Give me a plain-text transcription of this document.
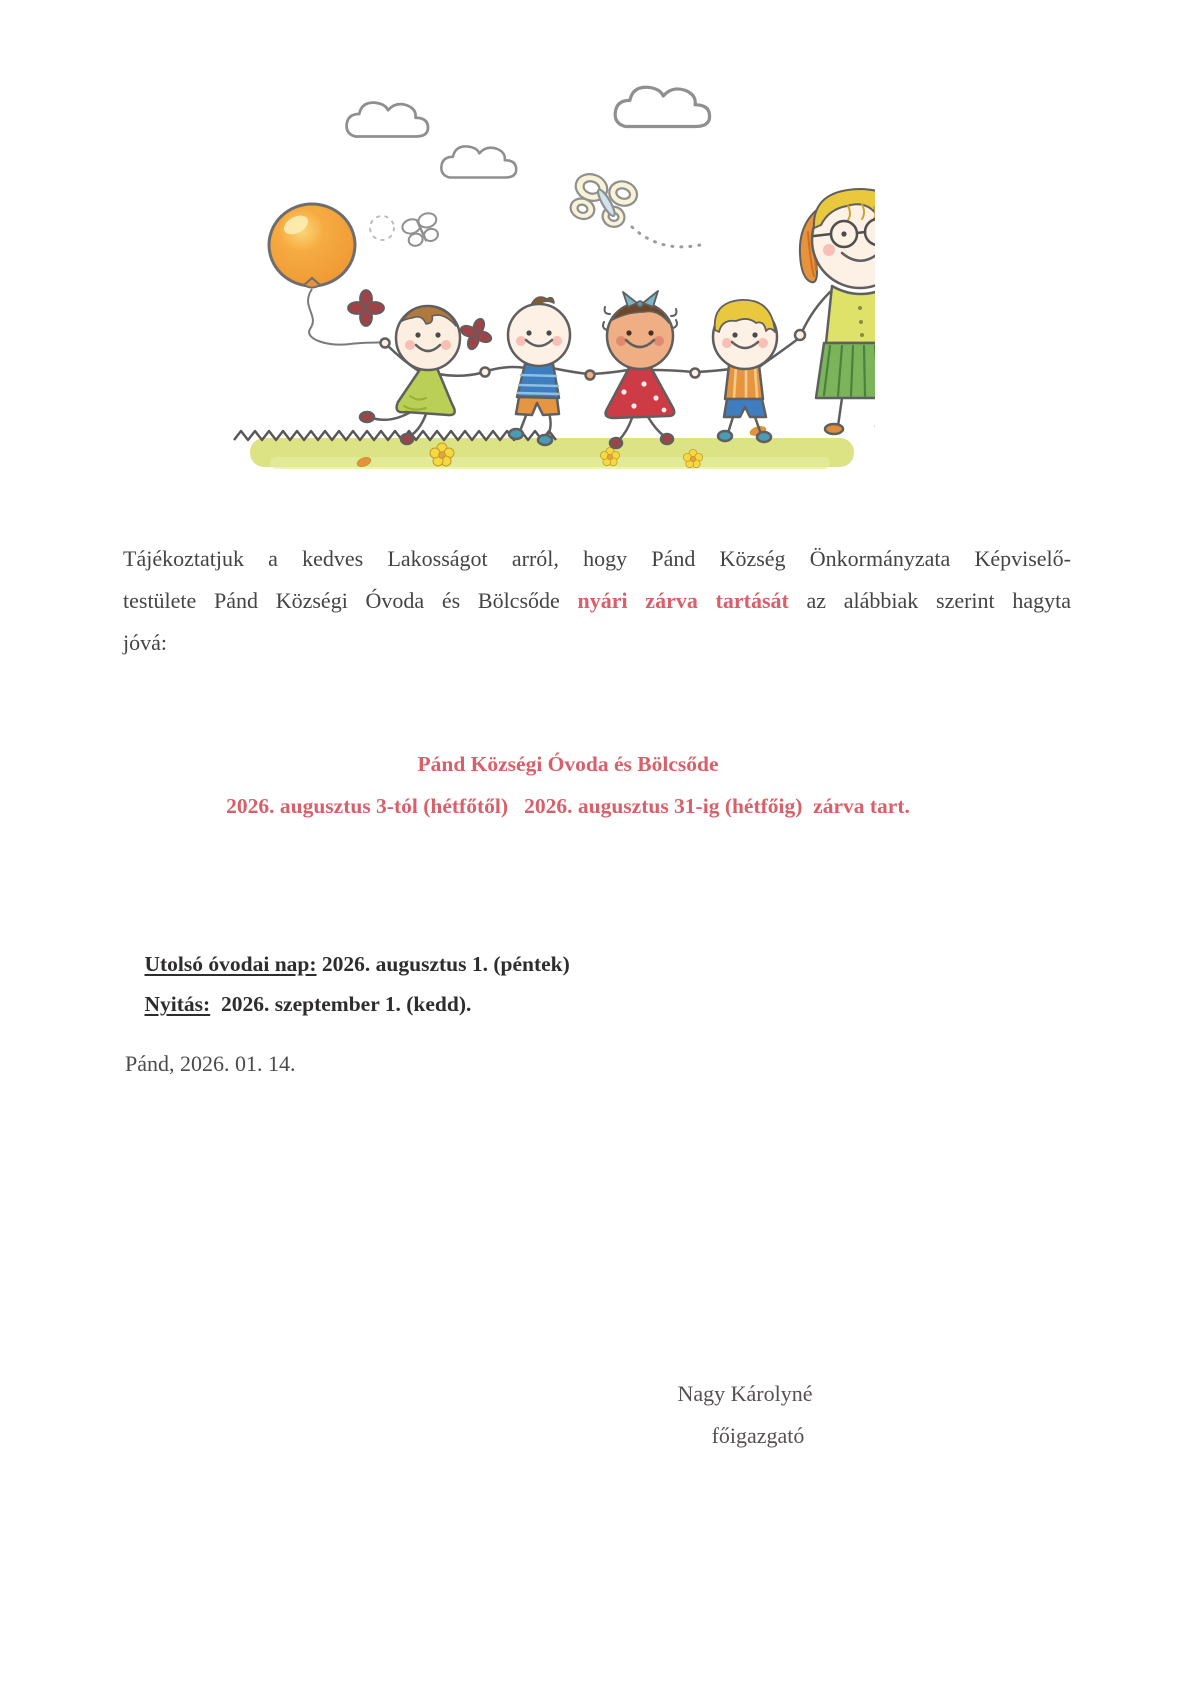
Tájékoztatjuk a kedves Lakosságot arról, hogy Pánd Község Önkormányzata Képviselő-
testülete Pánd Községi Óvoda és Bölcsőde nyári zárva tartását az alábbiak szerint hagyta
jóvá:
Pánd Községi Óvoda és Bölcsőde
2026. augusztus 3-tól (hétfőtől)   2026. augusztus 31-ig (hétfőig)  zárva tart.

Utolsó óvodai nap: 2026. augusztus 1. (péntek)

Nyitás:  2026. szeptember 1. (kedd).

Pánd, 2026. 01. 14.
Nagy Károlyné
főigazgató
